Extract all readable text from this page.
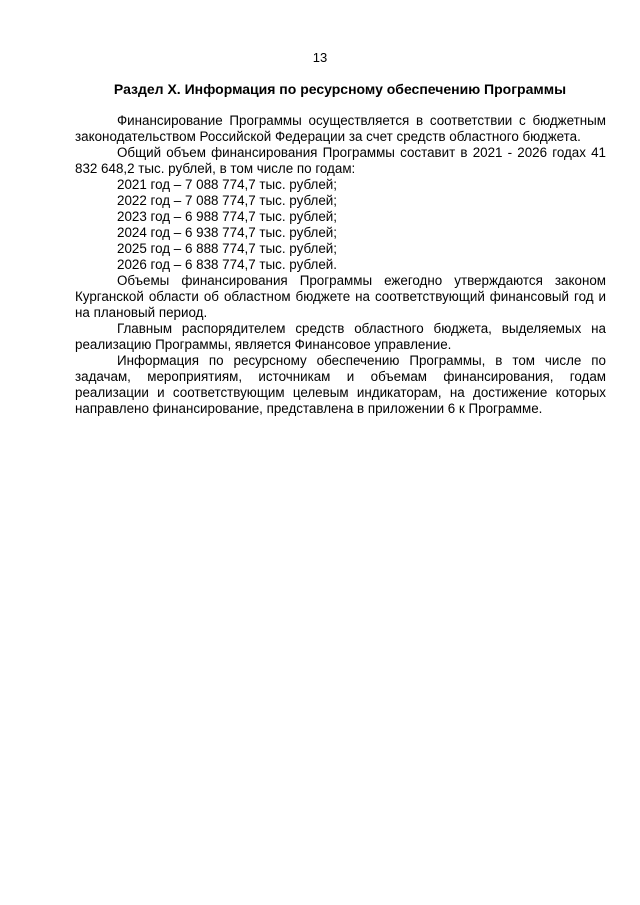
13
Раздел X. Информация по ресурсному обеспечению Программы

Финансирование Программы осуществляется в соответствии с бюджетным законодательством Российской Федерации за счет средств областного бюджета.

Общий объем финансирования Программы составит в 2021 - 2026 годах 41 832 648,2 тыс. рублей, в том числе по годам:

2021 год – 7 088 774,7 тыс. рублей;
2022 год – 7 088 774,7 тыс. рублей;
2023 год – 6 988 774,7 тыс. рублей;
2024 год – 6 938 774,7 тыс. рублей;
2025 год – 6 888 774,7 тыс. рублей;
2026 год – 6 838 774,7 тыс. рублей.

Объемы финансирования Программы ежегодно утверждаются законом Курганской области об областном бюджете на соответствующий финансовый год и на плановый период.

Главным распорядителем средств областного бюджета, выделяемых на реализацию Программы, является Финансовое управление.

Информация по ресурсному обеспечению Программы, в том числе по задачам, мероприятиям, источникам и объемам финансирования, годам реализации и соответствующим целевым индикаторам, на достижение которых направлено финансирование, представлена в приложении 6 к Программе.
